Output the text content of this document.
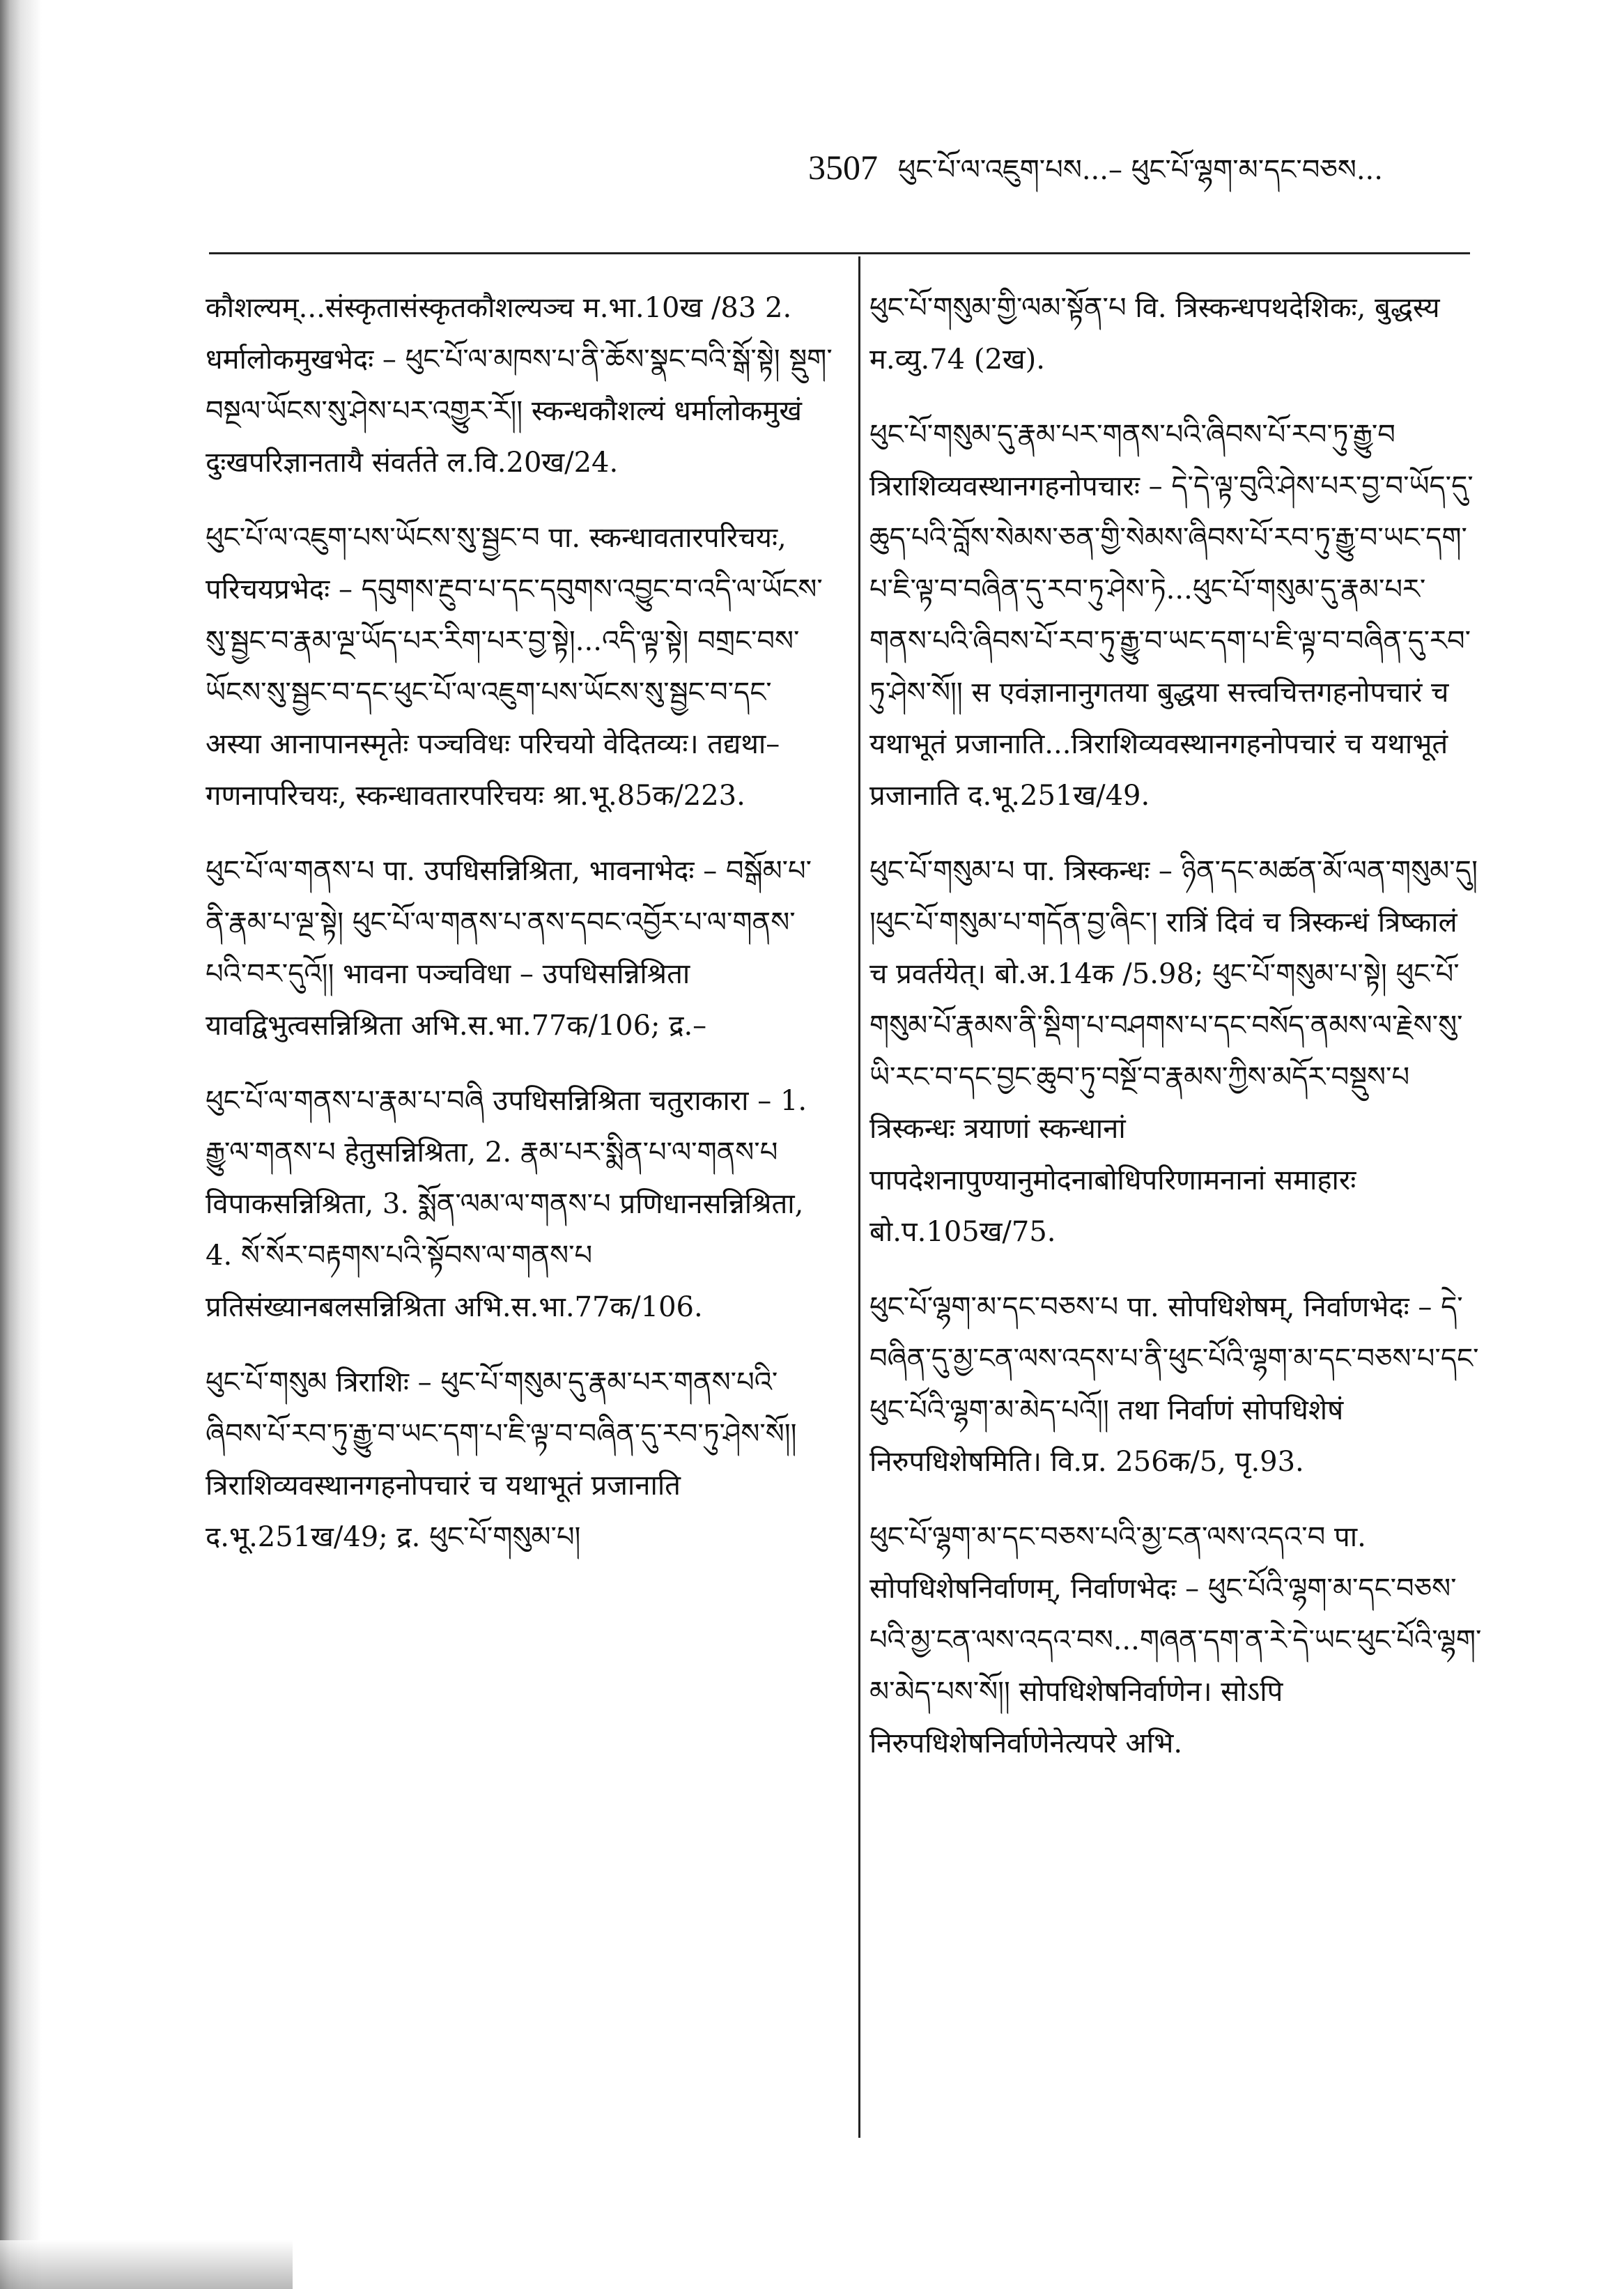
3507 ཕུང་པོ་ལ་འཇུག་པས...– ཕུང་པོ་ལྷག་མ་དང་བཅས...

कौशल्यम्...संस्कृतासंस्कृतकौशल्यञ्च म.भा.10ख /83 2. धर्मालोकमुखभेदः – ཕུང་པོ་ལ་མཁས་པ་ནི་ཆོས་སྣང་བའི་སྒོ་སྟེ། སྡུག་བསྔལ་ཡོངས་སུ་ཤེས་པར་འགྱུར་རོ།། स्कन्धकौशल्यं धर्मालोकमुखं दुःखपरिज्ञानतायै संवर्तते ल.वि.20ख/24.

ཕུང་པོ་ལ་འཇུག་པས་ཡོངས་སུ་སྦྱང་བ पा. स्कन्धावतारपरिचयः, परिचयप्रभेदः – དབུགས་རྔུབ་པ་དང་དབུགས་འབྱུང་བ་འདི་ལ་ཡོངས་སུ་སྦྱང་བ་རྣམ་ལྔ་ཡོད་པར་རིག་པར་བྱ་སྟེ།...འདི་ལྟ་སྟེ། བགྲང་བས་ཡོངས་སུ་སྦྱང་བ་དང་ཕུང་པོ་ལ་འཇུག་པས་ཡོངས་སུ་སྦྱང་བ་དང་ अस्या आनापानस्मृतेः पञ्चविधः परिचयो वेदितव्यः। तद्यथा–गणनापरिचयः, स्कन्धावतारपरिचयः श्रा.भू.85क/223.

ཕུང་པོ་ལ་གནས་པ पा. उपधिसन्निश्रिता, भावनाभेदः – བསྒོམ་པ་ནི་རྣམ་པ་ལྔ་སྟེ། ཕུང་པོ་ལ་གནས་པ་ནས་དབང་འབྱོར་པ་ལ་གནས་པའི་བར་དུའོ།། भावना पञ्चविधा – उपधिसन्निश्रिता यावद्विभुत्वसन्निश्रिता अभि.स.भा.77क/106; द्र.–

ཕུང་པོ་ལ་གནས་པ་རྣམ་པ་བཞི उपधिसन्निश्रिता चतुराकारा – 1. རྒྱུ་ལ་གནས་པ हेतुसन्निश्रिता, 2. རྣམ་པར་སྨིན་པ་ལ་གནས་པ विपाकसन्निश्रिता, 3. སྨོན་ལམ་ལ་གནས་པ प्रणिधानसन्निश्रिता, 4. སོ་སོར་བརྟགས་པའི་སྟོབས་ལ་གནས་པ प्रतिसंख्यानबलसन्निश्रिता अभि.स.भा.77क/106.

ཕུང་པོ་གསུམ त्रिराशिः – ཕུང་པོ་གསུམ་དུ་རྣམ་པར་གནས་པའི་ཞིབས་པོ་རབ་ཏུ་རྒྱུ་བ་ཡང་དག་པ་ཇི་ལྟ་བ་བཞིན་དུ་རབ་ཏུ་ཤེས་སོ།། त्रिराशिव्यवस्थानगहनोपचारं च यथाभूतं प्रजानाति द.भू.251ख/49; द्र. ཕུང་པོ་གསུམ་པ།

ཕུང་པོ་གསུམ་གྱི་ལམ་སྟོན་པ वि. त्रिस्कन्धपथदेशिकः, बुद्धस्य म.व्यु.74 (2ख).

ཕུང་པོ་གསུམ་དུ་རྣམ་པར་གནས་པའི་ཞིབས་པོ་རབ་ཏུ་རྒྱུ་བ त्रिराशिव्यवस्थानगहनोपचारः – དེ་དེ་ལྟ་བུའི་ཤེས་པར་བྱ་བ་ཡོད་དུ་ཆུད་པའི་བློས་སེམས་ཅན་གྱི་སེམས་ཞིབས་པོ་རབ་ཏུ་རྒྱུ་བ་ཡང་དག་པ་ཇི་ལྟ་བ་བཞིན་དུ་རབ་ཏུ་ཤེས་ཏེ...ཕུང་པོ་གསུམ་དུ་རྣམ་པར་གནས་པའི་ཞིབས་པོ་རབ་ཏུ་རྒྱུ་བ་ཡང་དག་པ་ཇི་ལྟ་བ་བཞིན་དུ་རབ་ཏུ་ཤེས་སོ།། स एवंज्ञानानुगतया बुद्धया सत्त्वचित्तगहनोपचारं च यथाभूतं प्रजानाति...त्रिराशिव्यवस्थानगहनोपचारं च यथाभूतं प्रजानाति द.भू.251ख/49.

ཕུང་པོ་གསུམ་པ पा. त्रिस्कन्धः – ཉིན་དང་མཚན་མོ་ལན་གསུམ་དུ། །ཕུང་པོ་གསུམ་པ་གདོན་བྱ་ཞིང་། रात्रिं दिवं च त्रिस्कन्धं त्रिष्कालं च प्रवर्तयेत्। बो.अ.14क /5.98; ཕུང་པོ་གསུམ་པ་སྟེ། ཕུང་པོ་གསུམ་པོ་རྣམས་ནི་སྡིག་པ་བཤགས་པ་དང་བསོད་ནམས་ལ་རྗེས་སུ་ཡི་རང་བ་དང་བྱང་ཆུབ་ཏུ་བསྔོ་བ་རྣམས་ཀྱིས་མདོར་བསྡུས་པ त्रिस्कन्धः त्रयाणां स्कन्धानां पापदेशनापुण्यानुमोदनाबोधिपरिणामनानां समाहारः बो.प.105ख/75.

ཕུང་པོ་ལྷག་མ་དང་བཅས་པ पा. सोपधिशेषम्, निर्वाणभेदः – དེ་བཞིན་དུ་མྱ་ངན་ལས་འདས་པ་ནི་ཕུང་པོའི་ལྷག་མ་དང་བཅས་པ་དང་ཕུང་པོའི་ལྷག་མ་མེད་པའོ།། तथा निर्वाणं सोपधिशेषं निरुपधिशेषमिति। वि.प्र. 256क/5, पृ.93.

ཕུང་པོ་ལྷག་མ་དང་བཅས་པའི་མྱ་ངན་ལས་འདའ་བ पा. सोपधिशेषनिर्वाणम्, निर्वाणभेदः – ཕུང་པོའི་ལྷག་མ་དང་བཅས་པའི་མྱ་ངན་ལས་འདའ་བས...གཞན་དག་ན་རེ་དེ་ཡང་ཕུང་པོའི་ལྷག་མ་མེད་པས་སོ།། सोपधिशेषनिर्वाणेन। सोऽपि निरुपधिशेषनिर्वाणेनेत्यपरे अभि.
